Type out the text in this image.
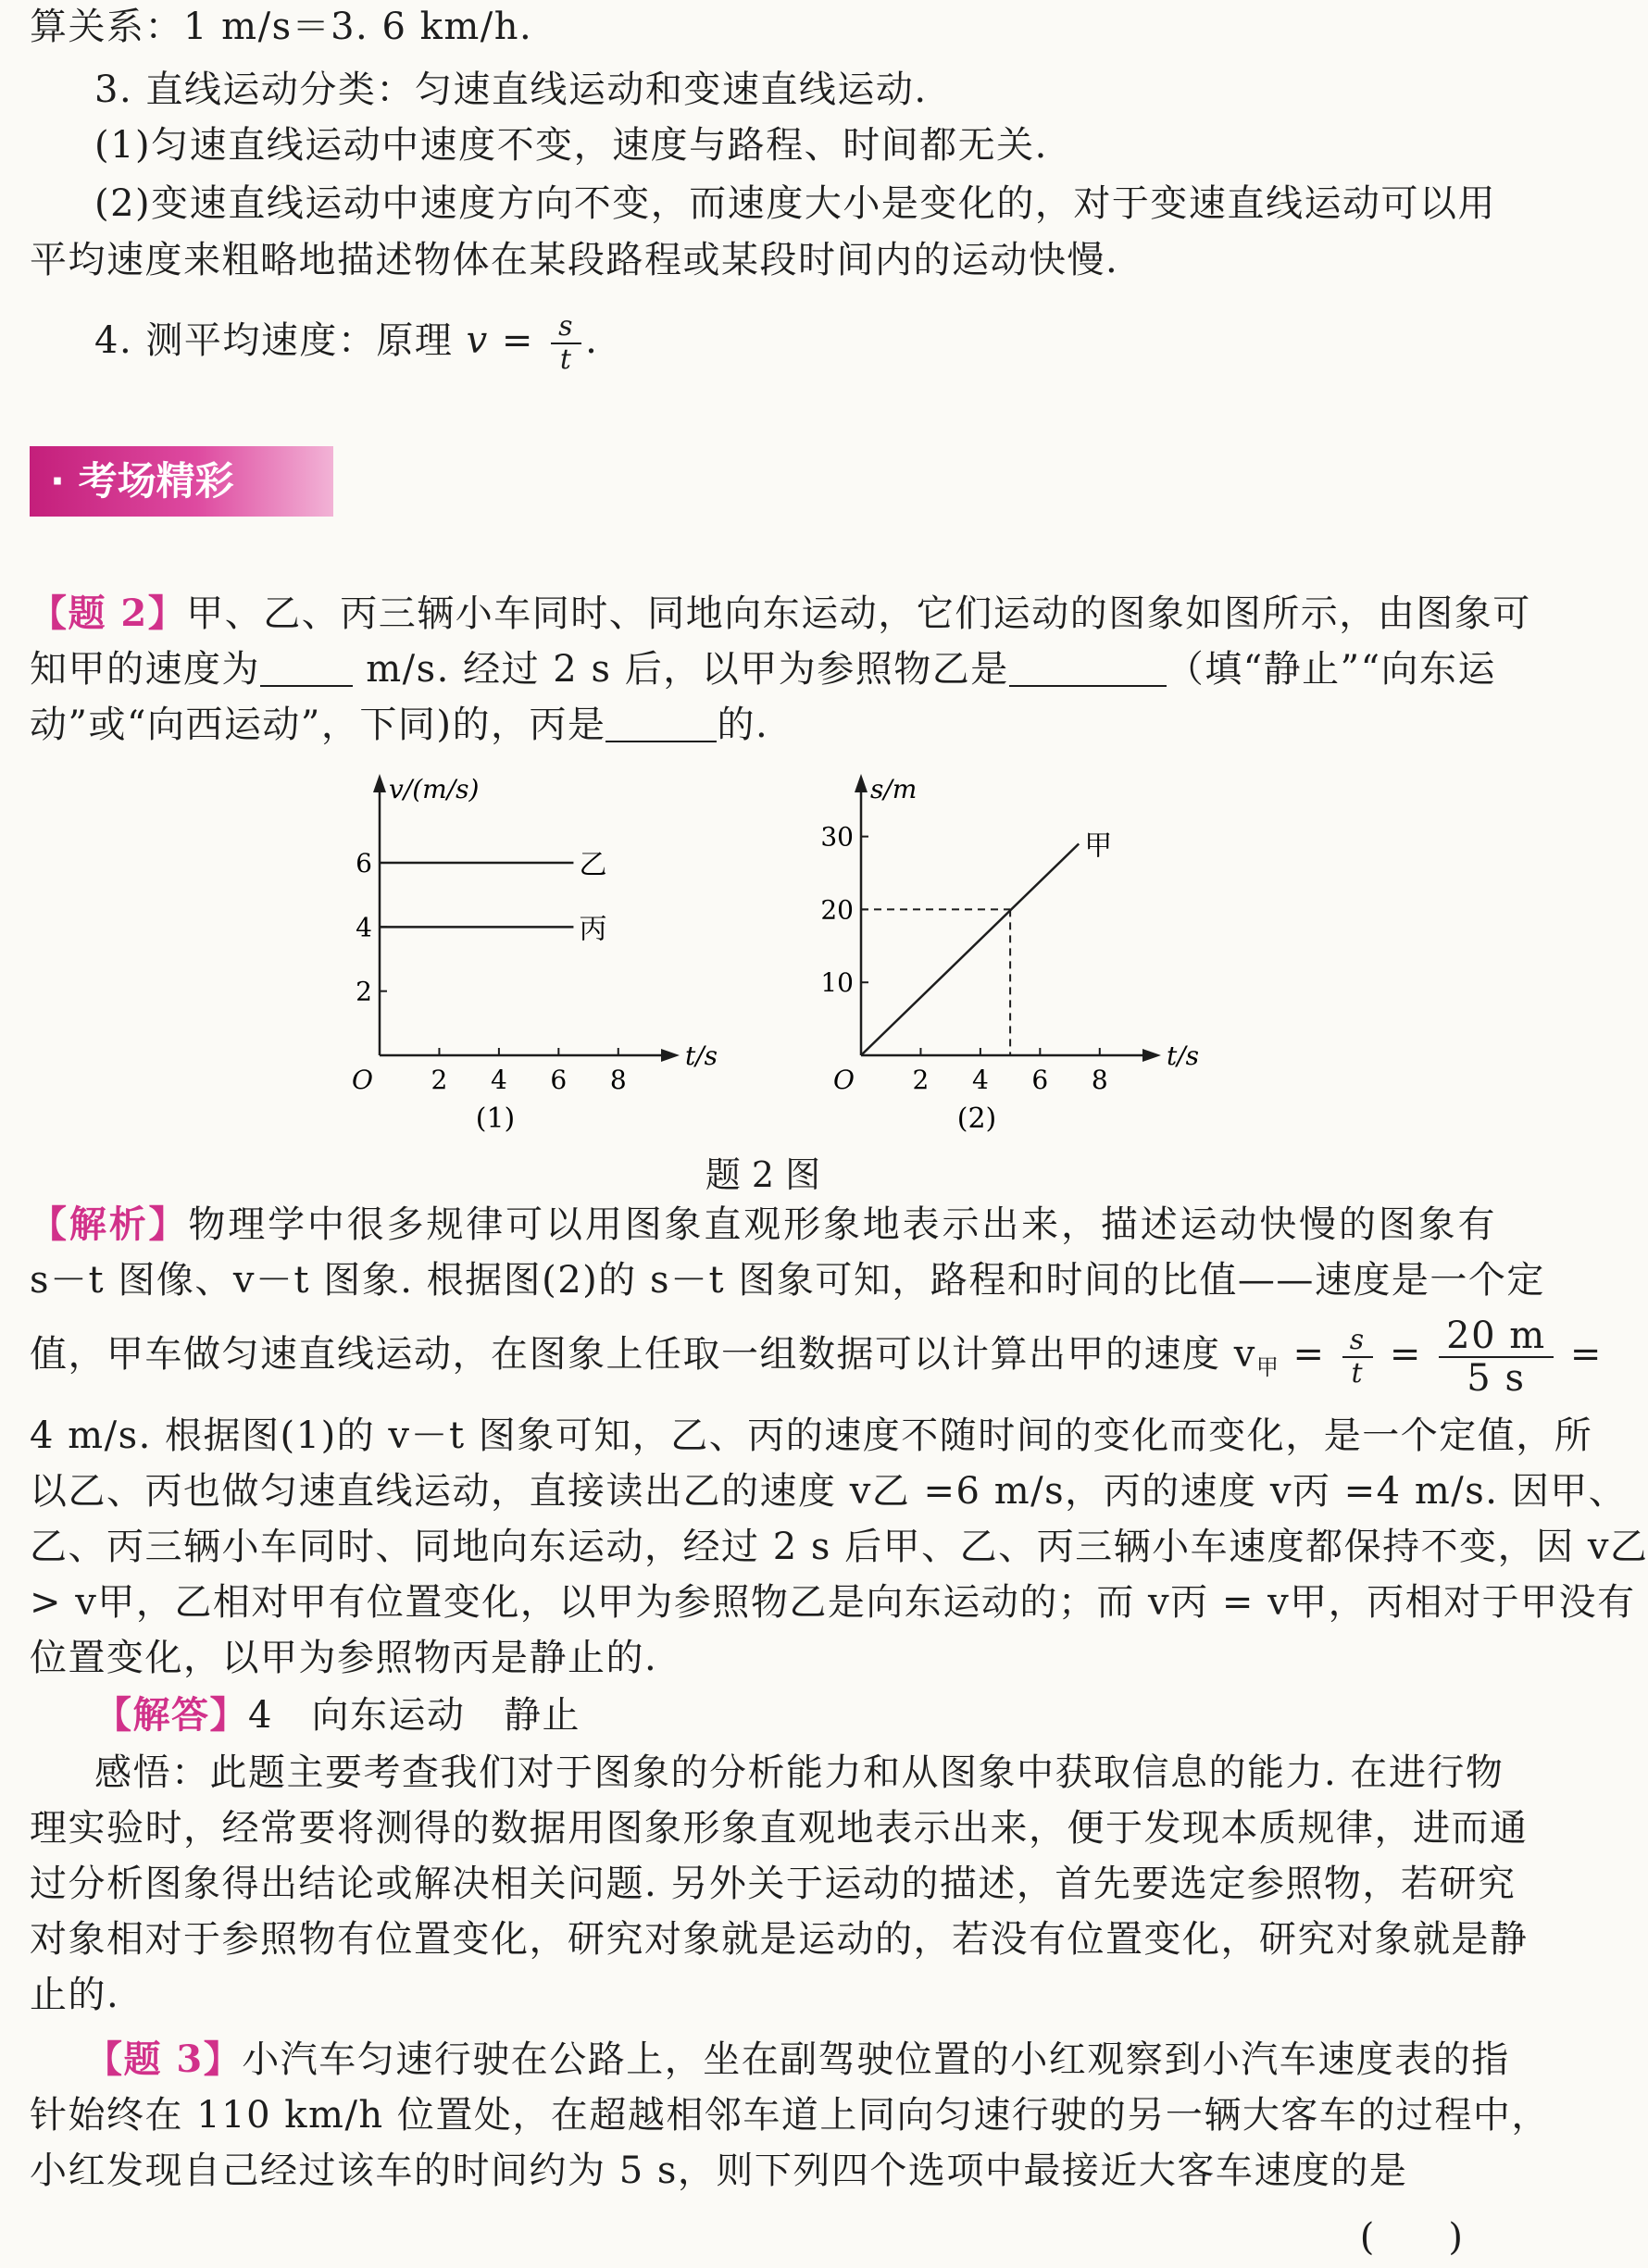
算关系：1 m/s＝3. 6 km/h.
3. 直线运动分类：匀速直线运动和变速直线运动.
(1)匀速直线运动中速度不变，速度与路程、时间都无关.
(2)变速直线运动中速度方向不变，而速度大小是变化的，对于变速直线运动可以用
平均速度来粗略地描述物体在某段路程或某段时间内的运动快慢.
4. 测平均速度：原理 $v = \frac{s}{t}$ .
· 考场精彩
【题 2】甲、乙、丙三辆小车同时、同地向东运动，它们运动的图象如图所示，由图象可
知甲的速度为	m/s. 经过 2 s 后，以甲为参照物乙是	（填“静止”“向东运
动”或“向西运动”，下同)的，丙是	的.
t/s
v/(m/s)
O 2 4 6 8
2
4
6	乙
丙
(1)
t/s
s/m
O 2 4 6 8
10
20
30	甲
(2)
题 2 图
【解析】物理学中很多规律可以用图象直观形象地表示出来，描述运动快慢的图象有
s－t 图像、v－t 图象. 根据图(2)的 s－t 图象可知，路程和时间的比值——速度是一个定
值，甲车做匀速直线运动，在图象上任取一组数据可以计算出甲的速度 $v_甲 = \frac{s}{t} = \frac{20 m}{5 s}$ =
4 m/s. 根据图(1)的 v－t 图象可知，乙、丙的速度不随时间的变化而变化，是一个定值，所
以乙、丙也做匀速直线运动，直接读出乙的速度 v乙 =6 m/s，丙的速度 v丙 =4 m/s. 因甲、
乙、丙三辆小车同时、同地向东运动，经过 2 s 后甲、乙、丙三辆小车速度都保持不变，因 v乙
> v甲，乙相对甲有位置变化，以甲为参照物乙是向东运动的；而 v丙 = v甲，丙相对于甲没有
位置变化，以甲为参照物丙是静止的.
【解答】4　向东运动　静止
感悟：此题主要考查我们对于图象的分析能力和从图象中获取信息的能力. 在进行物
理实验时，经常要将测得的数据用图象形象直观地表示出来，便于发现本质规律，进而通
过分析图象得出结论或解决相关问题. 另外关于运动的描述，首先要选定参照物，若研究
对象相对于参照物有位置变化，研究对象就是运动的，若没有位置变化，研究对象就是静
止的.
【题 3】小汽车匀速行驶在公路上，坐在副驾驶位置的小红观察到小汽车速度表的指
针始终在 110 km/h 位置处，在超越相邻车道上同向匀速行驶的另一辆大客车的过程中，
小红发现自己经过该车的时间约为 5 s，则下列四个选项中最接近大客车速度的是
(　)
